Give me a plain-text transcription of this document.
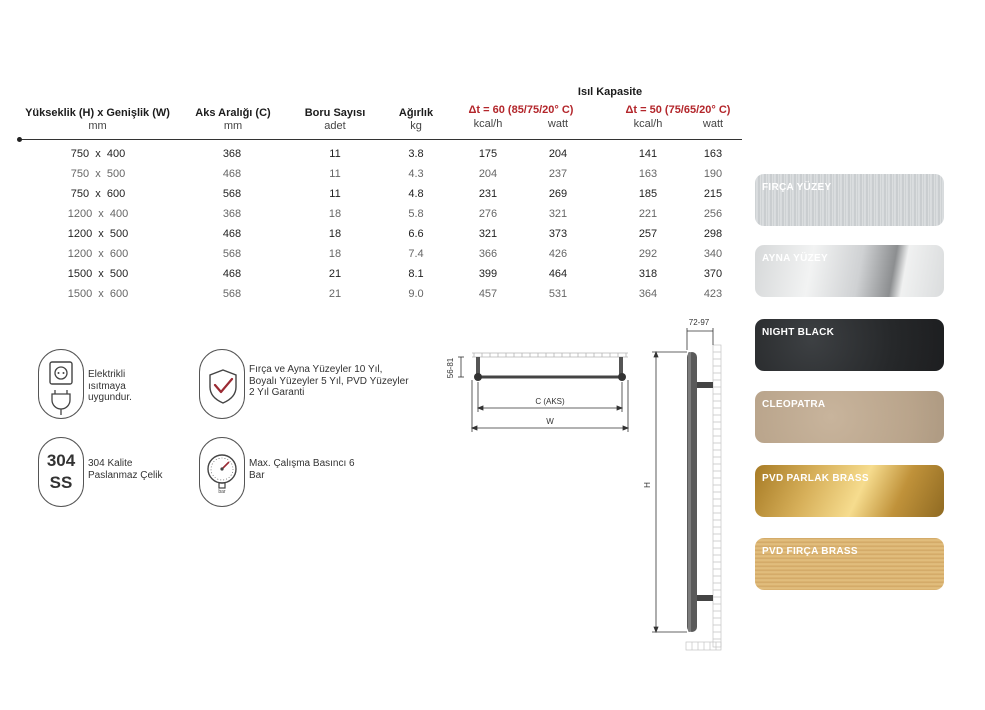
Isıl Kapasite
Yükseklik (H) x Genişlik (W)
mm
Aks Aralığı (C)
mm
Boru Sayısı
adet
Ağırlık
kg
Δt = 60 (85/75/20° C)
kcal/h	watt
Δt = 50 (75/65/20° C)
kcal/h	watt
750  x  400	368	11	3.8	175	204	141	163
750  x  500	468	11	4.3	204	237	163	190
750  x  600	568	11	4.8	231	269	185	215
1200  x  400	368	18	5.8	276	321	221	256
1200  x  500	468	18	6.6	321	373	257	298
1200  x  600	568	18	7.4	366	426	292	340
1500  x  500	468	21	8.1	399	464	318	370
1500  x  600	568	21	9.0	457	531	364	423
Elektrikli ısıtmaya uygundur.
Fırça ve Ayna Yüzeyler 10 Yıl, Boyalı Yüzeyler 5 Yıl, PVD Yüzeyler 2 Yıl Garanti
304
SS
304 Kalite Paslanmaz Çelik
bar
Max. Çalışma Basıncı 6 Bar
56-81
C (AKS)
W
72-97
H
FIRÇA YÜZEY
AYNA YÜZEY
NIGHT BLACK
CLEOPATRA
PVD PARLAK BRASS
PVD FIRÇA BRASS
